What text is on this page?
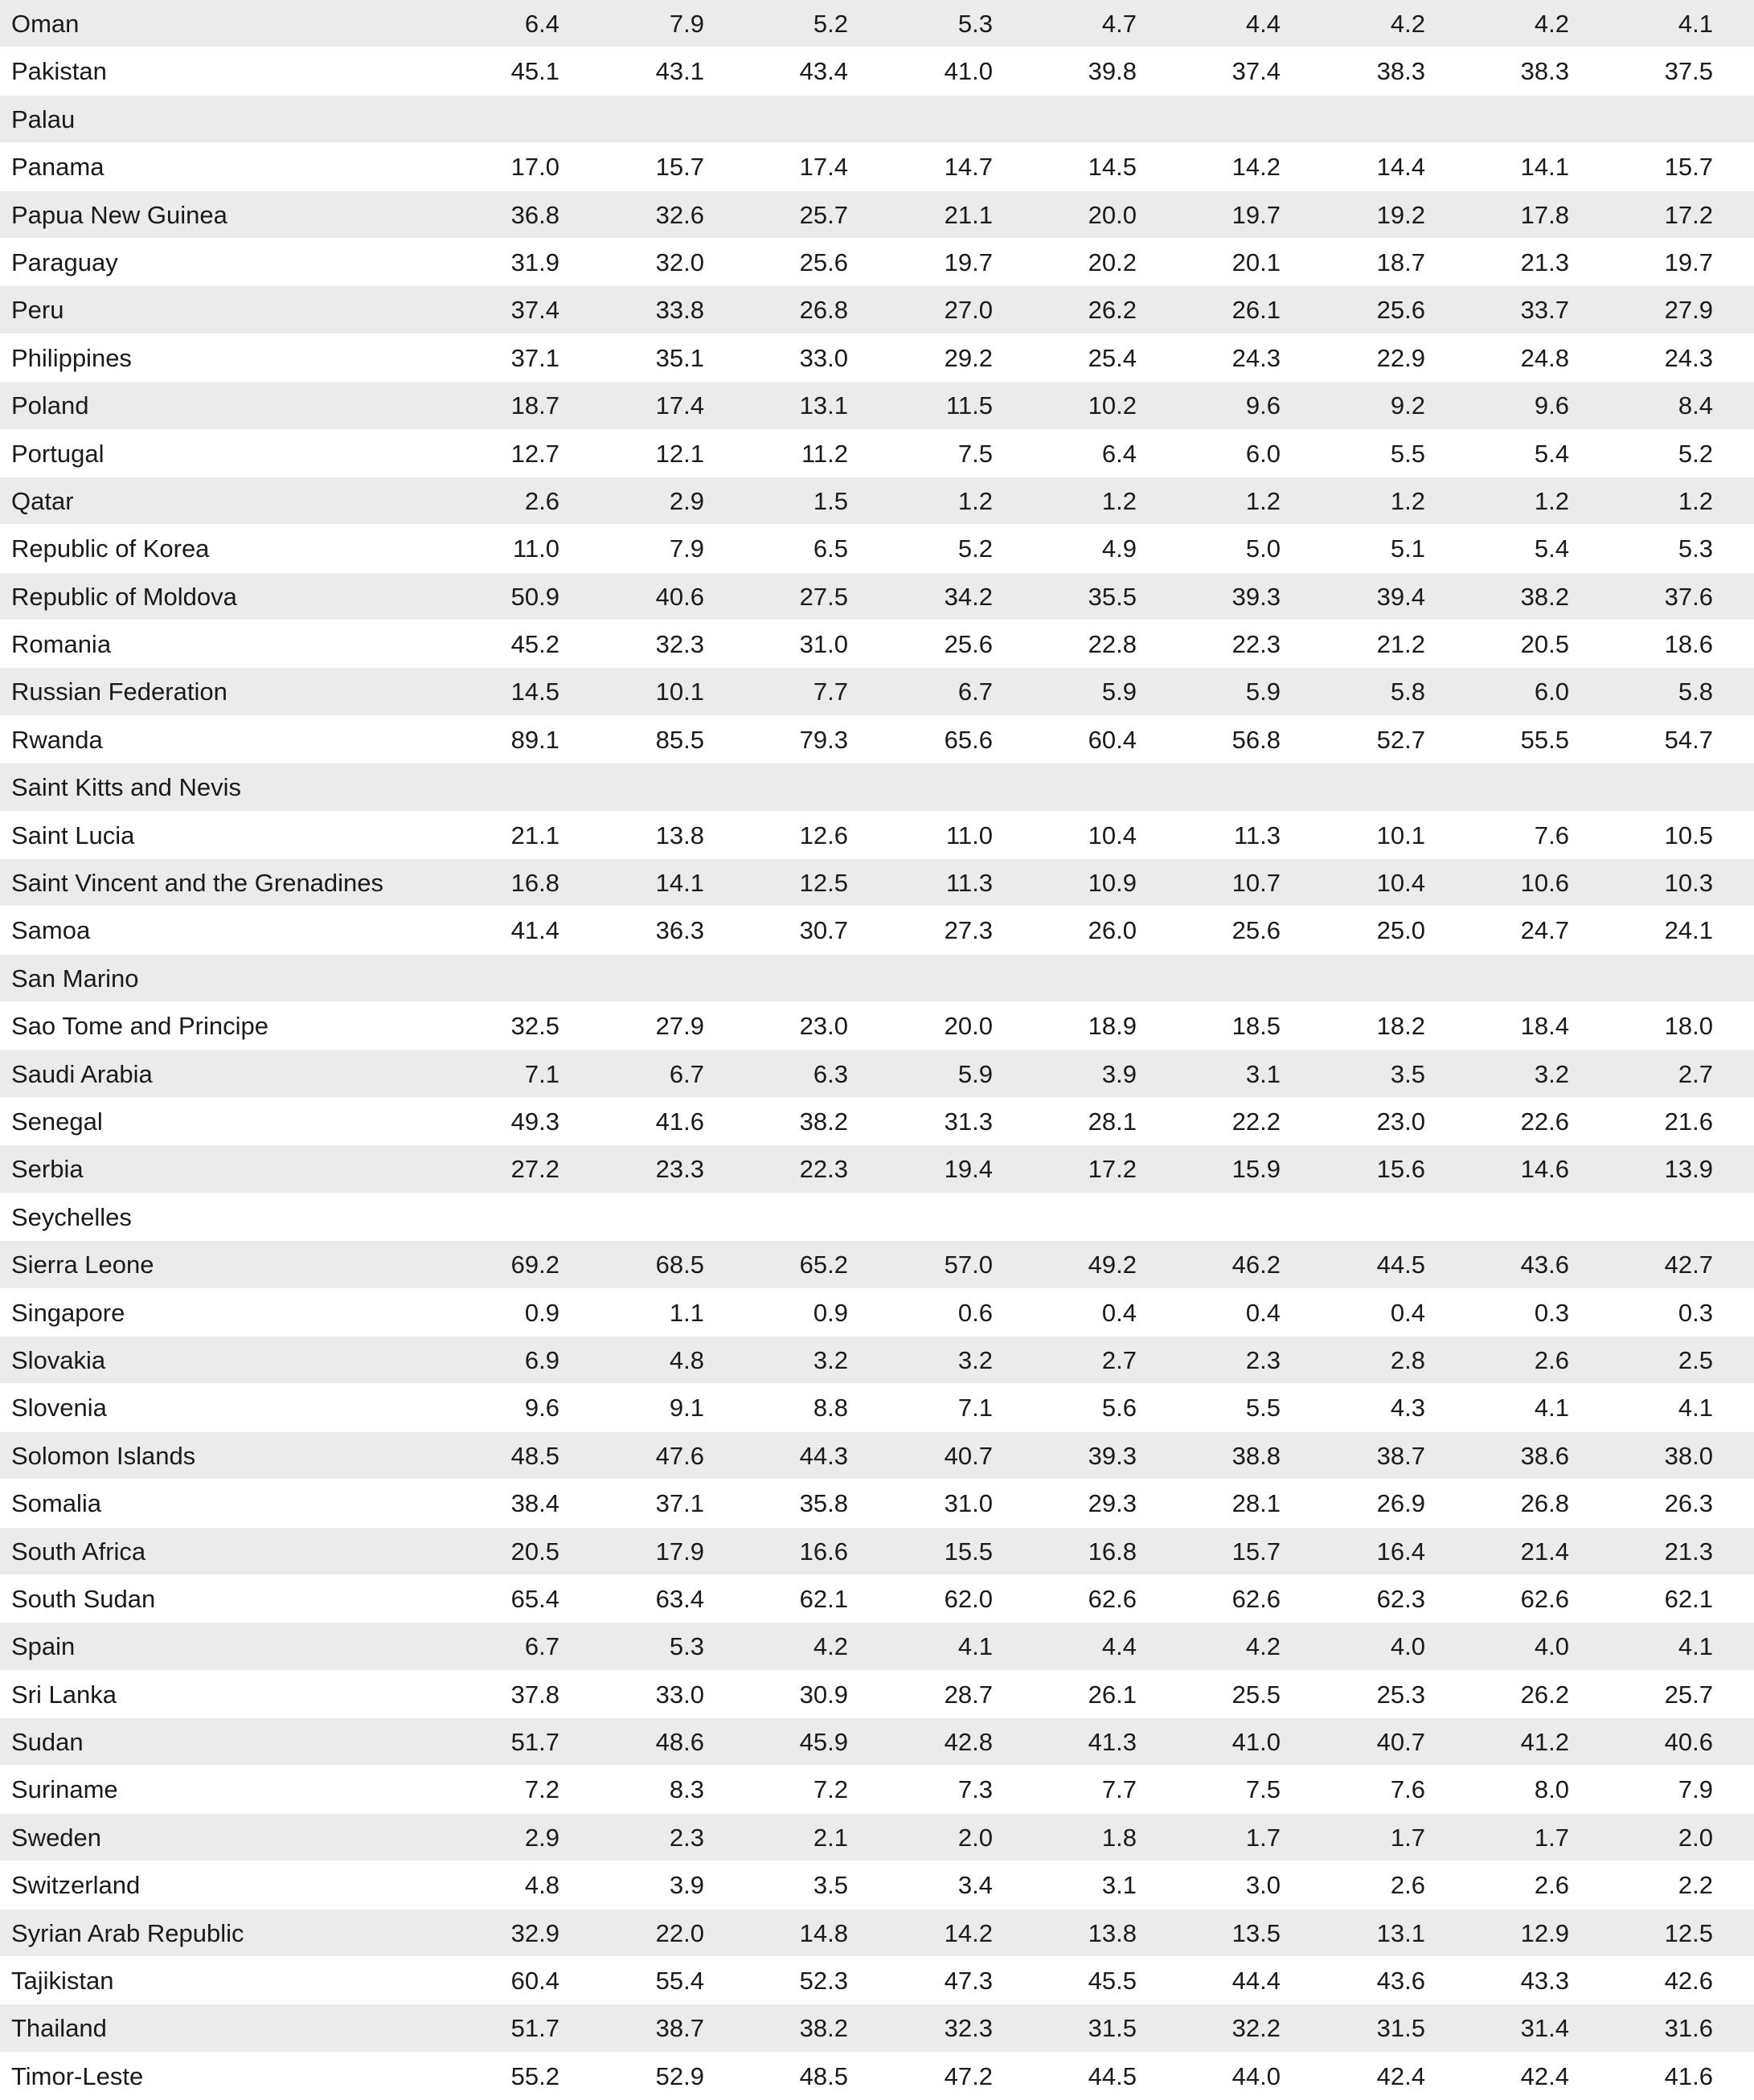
Oman	6.4	7.9	5.2	5.3	4.7	4.4	4.2	4.2	4.1
Pakistan	45.1	43.1	43.4	41.0	39.8	37.4	38.3	38.3	37.5
Palau
Panama	17.0	15.7	17.4	14.7	14.5	14.2	14.4	14.1	15.7
Papua New Guinea	36.8	32.6	25.7	21.1	20.0	19.7	19.2	17.8	17.2
Paraguay	31.9	32.0	25.6	19.7	20.2	20.1	18.7	21.3	19.7
Peru	37.4	33.8	26.8	27.0	26.2	26.1	25.6	33.7	27.9
Philippines	37.1	35.1	33.0	29.2	25.4	24.3	22.9	24.8	24.3
Poland	18.7	17.4	13.1	11.5	10.2	9.6	9.2	9.6	8.4
Portugal	12.7	12.1	11.2	7.5	6.4	6.0	5.5	5.4	5.2
Qatar	2.6	2.9	1.5	1.2	1.2	1.2	1.2	1.2	1.2
Republic of Korea	11.0	7.9	6.5	5.2	4.9	5.0	5.1	5.4	5.3
Republic of Moldova	50.9	40.6	27.5	34.2	35.5	39.3	39.4	38.2	37.6
Romania	45.2	32.3	31.0	25.6	22.8	22.3	21.2	20.5	18.6
Russian Federation	14.5	10.1	7.7	6.7	5.9	5.9	5.8	6.0	5.8
Rwanda	89.1	85.5	79.3	65.6	60.4	56.8	52.7	55.5	54.7
Saint Kitts and Nevis
Saint Lucia	21.1	13.8	12.6	11.0	10.4	11.3	10.1	7.6	10.5
Saint Vincent and the Grenadines	16.8	14.1	12.5	11.3	10.9	10.7	10.4	10.6	10.3
Samoa	41.4	36.3	30.7	27.3	26.0	25.6	25.0	24.7	24.1
San Marino
Sao Tome and Principe	32.5	27.9	23.0	20.0	18.9	18.5	18.2	18.4	18.0
Saudi Arabia	7.1	6.7	6.3	5.9	3.9	3.1	3.5	3.2	2.7
Senegal	49.3	41.6	38.2	31.3	28.1	22.2	23.0	22.6	21.6
Serbia	27.2	23.3	22.3	19.4	17.2	15.9	15.6	14.6	13.9
Seychelles
Sierra Leone	69.2	68.5	65.2	57.0	49.2	46.2	44.5	43.6	42.7
Singapore	0.9	1.1	0.9	0.6	0.4	0.4	0.4	0.3	0.3
Slovakia	6.9	4.8	3.2	3.2	2.7	2.3	2.8	2.6	2.5
Slovenia	9.6	9.1	8.8	7.1	5.6	5.5	4.3	4.1	4.1
Solomon Islands	48.5	47.6	44.3	40.7	39.3	38.8	38.7	38.6	38.0
Somalia	38.4	37.1	35.8	31.0	29.3	28.1	26.9	26.8	26.3
South Africa	20.5	17.9	16.6	15.5	16.8	15.7	16.4	21.4	21.3
South Sudan	65.4	63.4	62.1	62.0	62.6	62.6	62.3	62.6	62.1
Spain	6.7	5.3	4.2	4.1	4.4	4.2	4.0	4.0	4.1
Sri Lanka	37.8	33.0	30.9	28.7	26.1	25.5	25.3	26.2	25.7
Sudan	51.7	48.6	45.9	42.8	41.3	41.0	40.7	41.2	40.6
Suriname	7.2	8.3	7.2	7.3	7.7	7.5	7.6	8.0	7.9
Sweden	2.9	2.3	2.1	2.0	1.8	1.7	1.7	1.7	2.0
Switzerland	4.8	3.9	3.5	3.4	3.1	3.0	2.6	2.6	2.2
Syrian Arab Republic	32.9	22.0	14.8	14.2	13.8	13.5	13.1	12.9	12.5
Tajikistan	60.4	55.4	52.3	47.3	45.5	44.4	43.6	43.3	42.6
Thailand	51.7	38.7	38.2	32.3	31.5	32.2	31.5	31.4	31.6
Timor-Leste	55.2	52.9	48.5	47.2	44.5	44.0	42.4	42.4	41.6
